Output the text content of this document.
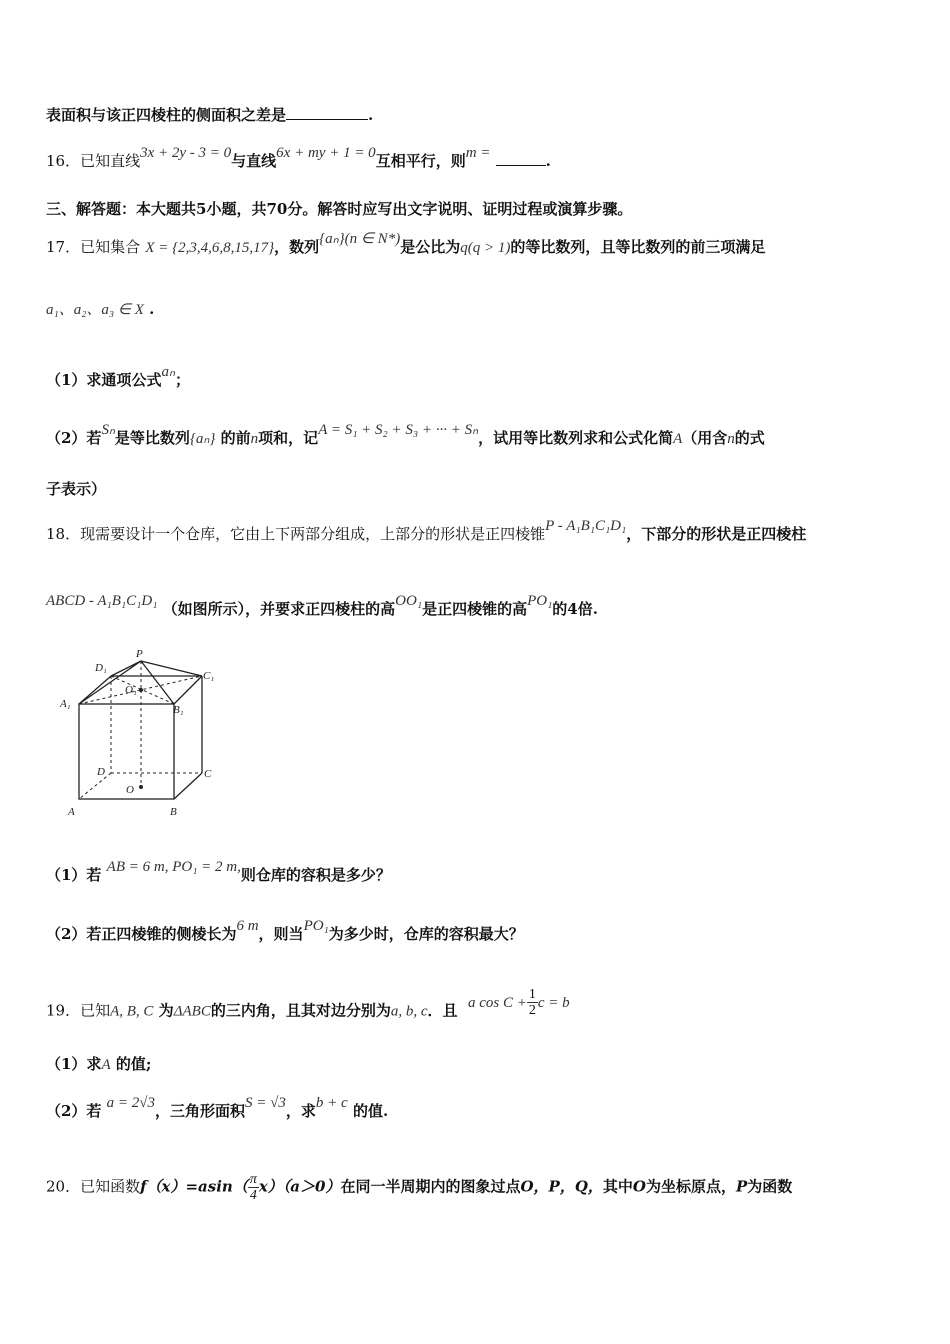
表面积与该正四棱柱的侧面积之差是	.
16．已知直线3x + 2y - 3 = 0与直线6x + my + 1 = 0互相平行，则m =	.
三、解答题：本大题共5小题，共70分。解答时应写出文字说明、证明过程或演算步骤。
17．已知集合 X = {2,3,4,6,8,15,17}，数列{aₙ}(n ∈ N*)是公比为q(q > 1)的等比数列，且等比数列的前三项满足
a₁、a₂、a₃ ∈ X .
（1）求通项公式aₙ；
（2）若Sₙ是等比数列{aₙ} 的前n项和，记A = S₁ + S₂ + S₃ + ··· + Sₙ，试用等比数列求和公式化简A（用含n的式
子表示）
18．现需要设计一个仓库，它由上下两部分组成，上部分的形状是正四棱锥P - A₁B₁C₁D₁，下部分的形状是正四棱柱
ABCD - A₁B₁C₁D₁ （如图所示），并要求正四棱柱的高OO₁是正四棱锥的高PO₁的4倍.
P
D₁
C₁
A₁	B₁
O₁
D	C
O
A	B
（1）若 AB = 6 m, PO₁ = 2 m,则仓库的容积是多少？
（2）若正四棱锥的侧棱长为6 m，则当PO₁为多少时，仓库的容积最大？
19．已知A, B, C 为ΔABC的三内角，且其对边分别为a, b, c．且 a $\cos C + \frac{1}{2}$ c = b
（1）求A 的值;
（2）若 a = 2√3，三角形面积S = √3，求b + c 的值.
20．已知函数$f(x)=asin( \frac{\pi}{4} x)(a>0)$在同一半周期内的图象过点O，P，Q，其中O为坐标原点，P为函数
